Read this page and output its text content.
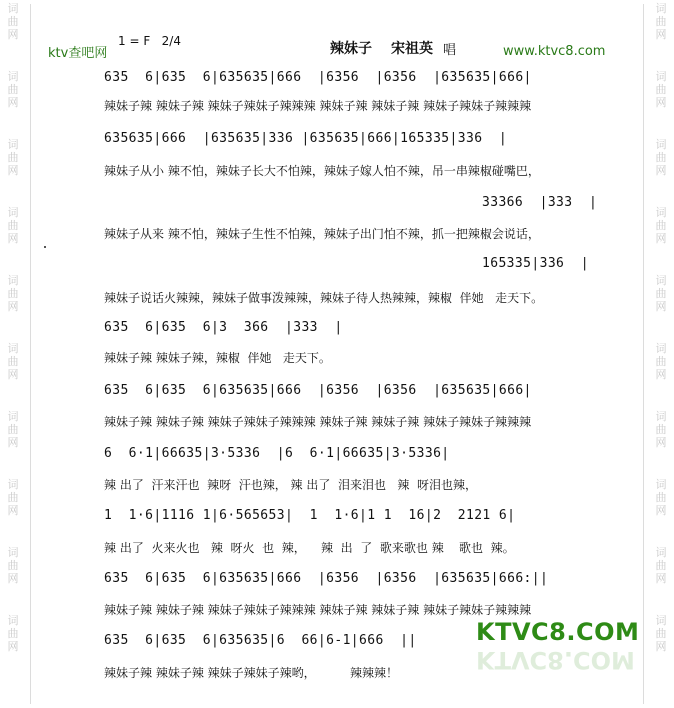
词
曲
网
词
曲
网
词
曲
网
词
曲
网
词
曲
网
词
曲
网
词
曲
网
词
曲
网
词
曲
网
词
曲
网
词
曲
网
词
曲
网
词
曲
网
词
曲
网
词
曲
网
词
曲
网
词
曲
网
词
曲
网
词
曲
网
词
曲
网
ktv查吧网
1 = F   2/4	辣妹子 宋祖英 唱	www.ktvc8.com
635  6|635  6|635635|666  |6356  |6356  |635635|666|
辣妹子辣 辣妹子辣 辣妹子辣妹子辣辣辣 辣妹子辣 辣妹子辣 辣妹子辣妹子辣辣辣
635635|666  |635635|336 |635635|666|165335|336  |
辣妹子从小 辣不怕，辣妹子长大不怕辣，辣妹子嫁人怕不辣，吊一串辣椒碰嘴巴，
33366  |333  |
辣妹子从来 辣不怕，辣妹子生性不怕辣，辣妹子出门怕不辣，抓一把辣椒会说话，
165335|336  |
辣妹子说话火辣辣，辣妹子做事泼辣辣，辣妹子待人热辣辣，辣椒  伴她   走天下。
635  6|635  6|3  366  |333  |
辣妹子辣 辣妹子辣，辣椒  伴她   走天下。
635  6|635  6|635635|666  |6356  |6356  |635635|666|
辣妹子辣 辣妹子辣 辣妹子辣妹子辣辣辣 辣妹子辣 辣妹子辣 辣妹子辣妹子辣辣辣
6  6·1|66635|3·5336  |6  6·1|66635|3·5336|
辣 出了  汗来汗也  辣呀  汗也辣， 辣 出了  泪来泪也   辣  呀泪也辣，
1  1·6|1116 1|6·565653|  1  1·6|1 1  16|2  2121 6|
辣 出了  火来火也   辣  呀火  也  辣，    辣  出  了  歌来歌也 辣    歌也  辣。
635  6|635  6|635635|666  |6356  |6356  |635635|666:||
辣妹子辣 辣妹子辣 辣妹子辣妹子辣辣辣 辣妹子辣 辣妹子辣 辣妹子辣妹子辣辣辣
635  6|635  6|635635|6  66|6-1|666  ||
辣妹子辣 辣妹子辣 辣妹子辣妹子辣哟，         辣辣辣！
KTVC8.COM
KTVC8.COM
